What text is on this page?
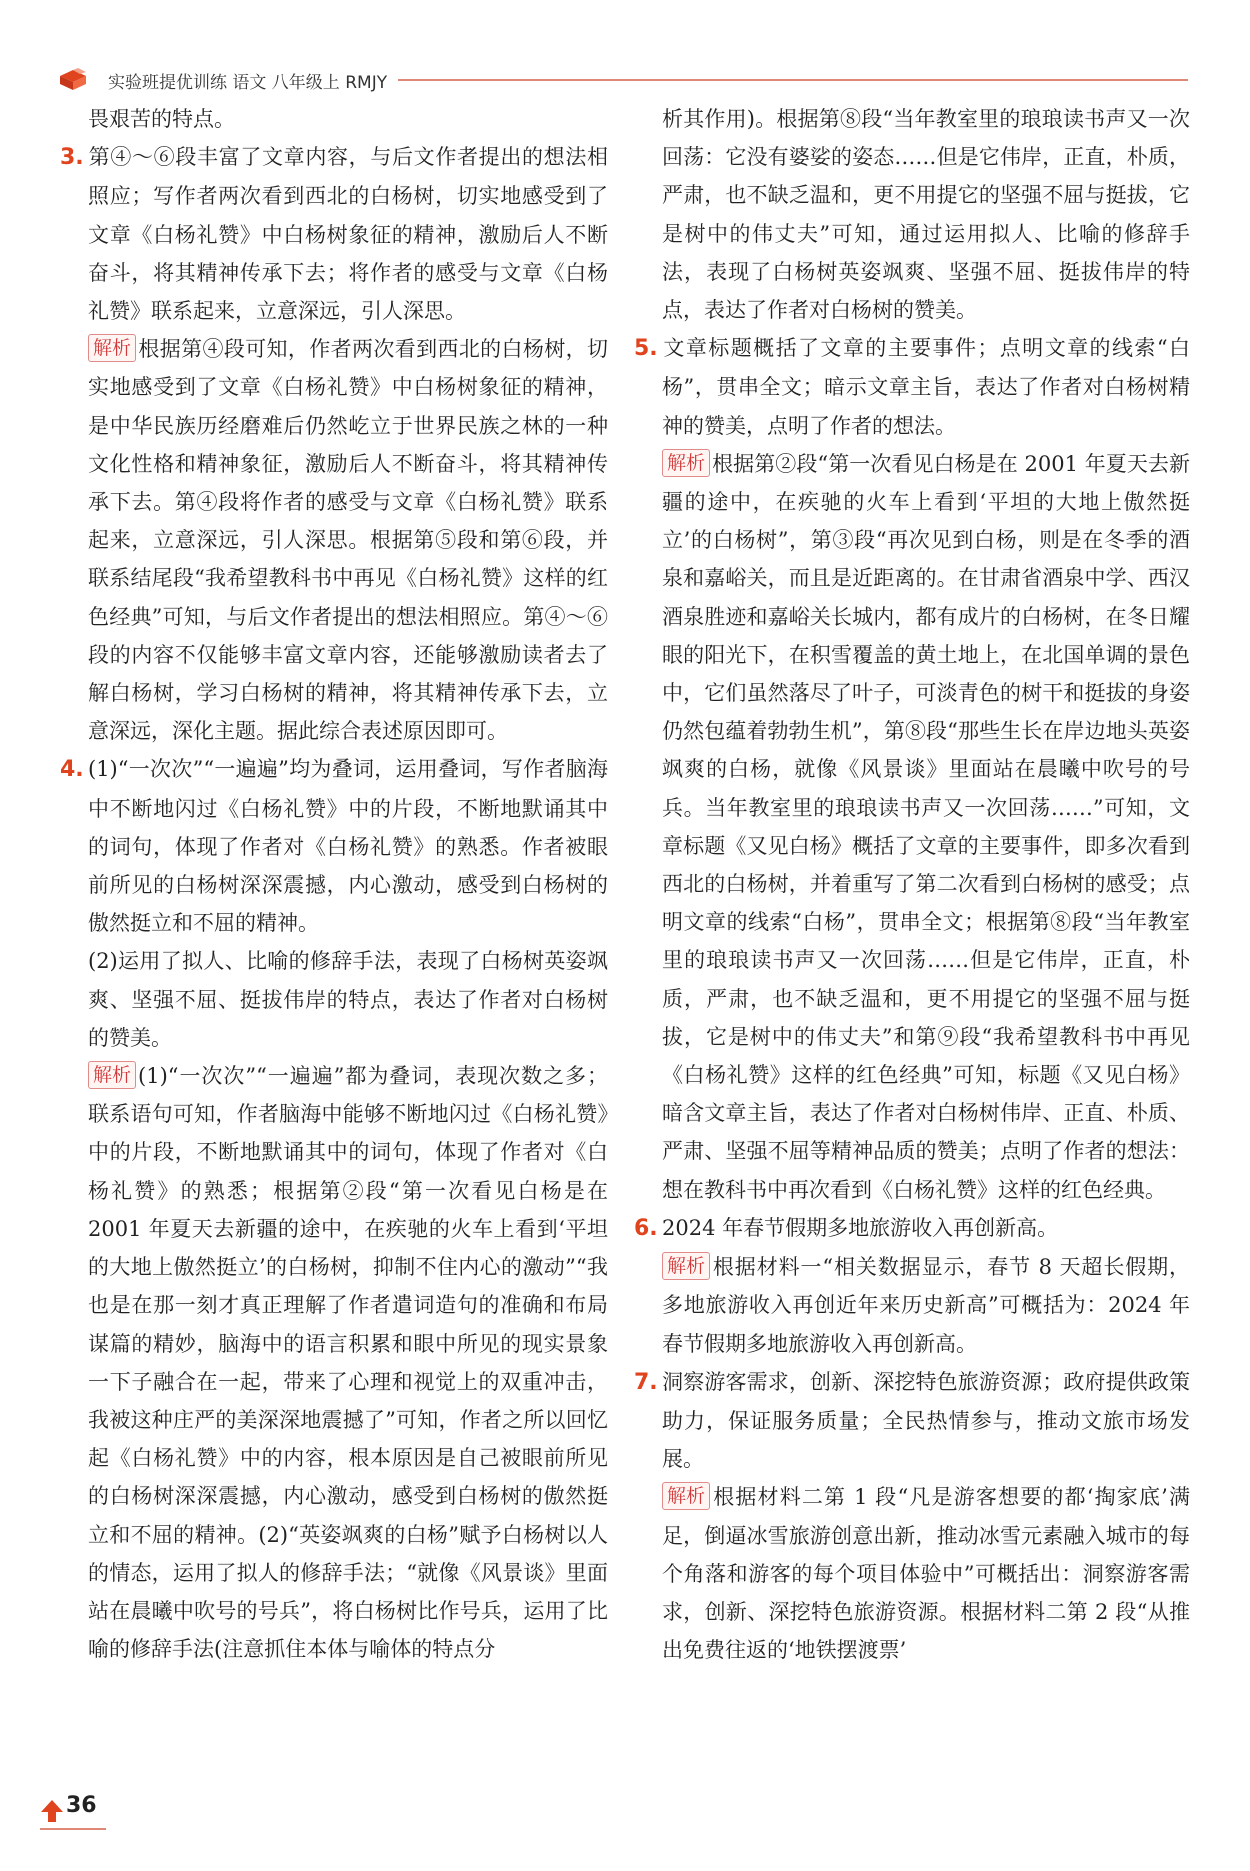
实验班提优训练 语文 八年级上 RMJY

畏艰苦的特点。

3. 第④～⑥段丰富了文章内容，与后文作者提出的想法相照应；写作者两次看到西北的白杨树，切实地感受到了文章《白杨礼赞》中白杨树象征的精神，激励后人不断奋斗，将其精神传承下去；将作者的感受与文章《白杨礼赞》联系起来，立意深远，引人深思。

解析 根据第④段可知，作者两次看到西北的白杨树，切实地感受到了文章《白杨礼赞》中白杨树象征的精神，是中华民族历经磨难后仍然屹立于世界民族之林的一种文化性格和精神象征，激励后人不断奋斗，将其精神传承下去。第④段将作者的感受与文章《白杨礼赞》联系起来，立意深远，引人深思。根据第⑤段和第⑥段，并联系结尾段“我希望教科书中再见《白杨礼赞》这样的红色经典”可知，与后文作者提出的想法相照应。第④～⑥段的内容不仅能够丰富文章内容，还能够激励读者去了解白杨树，学习白杨树的精神，将其精神传承下去，立意深远，深化主题。据此综合表述原因即可。

4. (1)“一次次”“一遍遍”均为叠词，运用叠词，写作者脑海中不断地闪过《白杨礼赞》中的片段，不断地默诵其中的词句，体现了作者对《白杨礼赞》的熟悉。作者被眼前所见的白杨树深深震撼，内心激动，感受到白杨树的傲然挺立和不屈的精神。

(2)运用了拟人、比喻的修辞手法，表现了白杨树英姿飒爽、坚强不屈、挺拔伟岸的特点，表达了作者对白杨树的赞美。

解析 (1)“一次次”“一遍遍”都为叠词，表现次数之多；联系语句可知，作者脑海中能够不断地闪过《白杨礼赞》中的片段，不断地默诵其中的词句，体现了作者对《白杨礼赞》的熟悉；根据第②段“第一次看见白杨是在 2001 年夏天去新疆的途中，在疾驰的火车上看到‘平坦的大地上傲然挺立’的白杨树，抑制不住内心的激动”“我也是在那一刻才真正理解了作者遣词造句的准确和布局谋篇的精妙，脑海中的语言积累和眼中所见的现实景象一下子融合在一起，带来了心理和视觉上的双重冲击，我被这种庄严的美深深地震撼了”可知，作者之所以回忆起《白杨礼赞》中的内容，根本原因是自己被眼前所见的白杨树深深震撼，内心激动，感受到白杨树的傲然挺立和不屈的精神。(2)“英姿飒爽的白杨”赋予白杨树以人的情态，运用了拟人的修辞手法；“就像《风景谈》里面站在晨曦中吹号的号兵”，将白杨树比作号兵，运用了比喻的修辞手法(注意抓住本体与喻体的特点分

析其作用)。根据第⑧段“当年教室里的琅琅读书声又一次回荡：它没有婆娑的姿态……但是它伟岸，正直，朴质，严肃，也不缺乏温和，更不用提它的坚强不屈与挺拔，它是树中的伟丈夫”可知，通过运用拟人、比喻的修辞手法，表现了白杨树英姿飒爽、坚强不屈、挺拔伟岸的特点，表达了作者对白杨树的赞美。

5. 文章标题概括了文章的主要事件；点明文章的线索“白杨”，贯串全文；暗示文章主旨，表达了作者对白杨树精神的赞美，点明了作者的想法。

解析 根据第②段“第一次看见白杨是在 2001 年夏天去新疆的途中，在疾驰的火车上看到‘平坦的大地上傲然挺立’的白杨树”，第③段“再次见到白杨，则是在冬季的酒泉和嘉峪关，而且是近距离的。在甘肃省酒泉中学、西汉酒泉胜迹和嘉峪关长城内，都有成片的白杨树，在冬日耀眼的阳光下，在积雪覆盖的黄土地上，在北国单调的景色中，它们虽然落尽了叶子，可淡青色的树干和挺拔的身姿仍然包蕴着勃勃生机”，第⑧段“那些生长在岸边地头英姿飒爽的白杨，就像《风景谈》里面站在晨曦中吹号的号兵。当年教室里的琅琅读书声又一次回荡……”可知，文章标题《又见白杨》概括了文章的主要事件，即多次看到西北的白杨树，并着重写了第二次看到白杨树的感受；点明文章的线索“白杨”，贯串全文；根据第⑧段“当年教室里的琅琅读书声又一次回荡……但是它伟岸，正直，朴质，严肃，也不缺乏温和，更不用提它的坚强不屈与挺拔，它是树中的伟丈夫”和第⑨段“我希望教科书中再见《白杨礼赞》这样的红色经典”可知，标题《又见白杨》暗含文章主旨，表达了作者对白杨树伟岸、正直、朴质、严肃、坚强不屈等精神品质的赞美；点明了作者的想法：想在教科书中再次看到《白杨礼赞》这样的红色经典。

6. 2024 年春节假期多地旅游收入再创新高。

解析 根据材料一“相关数据显示，春节 8 天超长假期，多地旅游收入再创近年来历史新高”可概括为：2024 年春节假期多地旅游收入再创新高。

7. 洞察游客需求，创新、深挖特色旅游资源；政府提供政策助力，保证服务质量；全民热情参与，推动文旅市场发展。

解析 根据材料二第 1 段“凡是游客想要的都‘掏家底’满足，倒逼冰雪旅游创意出新，推动冰雪元素融入城市的每个角落和游客的每个项目体验中”可概括出：洞察游客需求，创新、深挖特色旅游资源。根据材料二第 2 段“从推出免费往返的‘地铁摆渡票’

36
